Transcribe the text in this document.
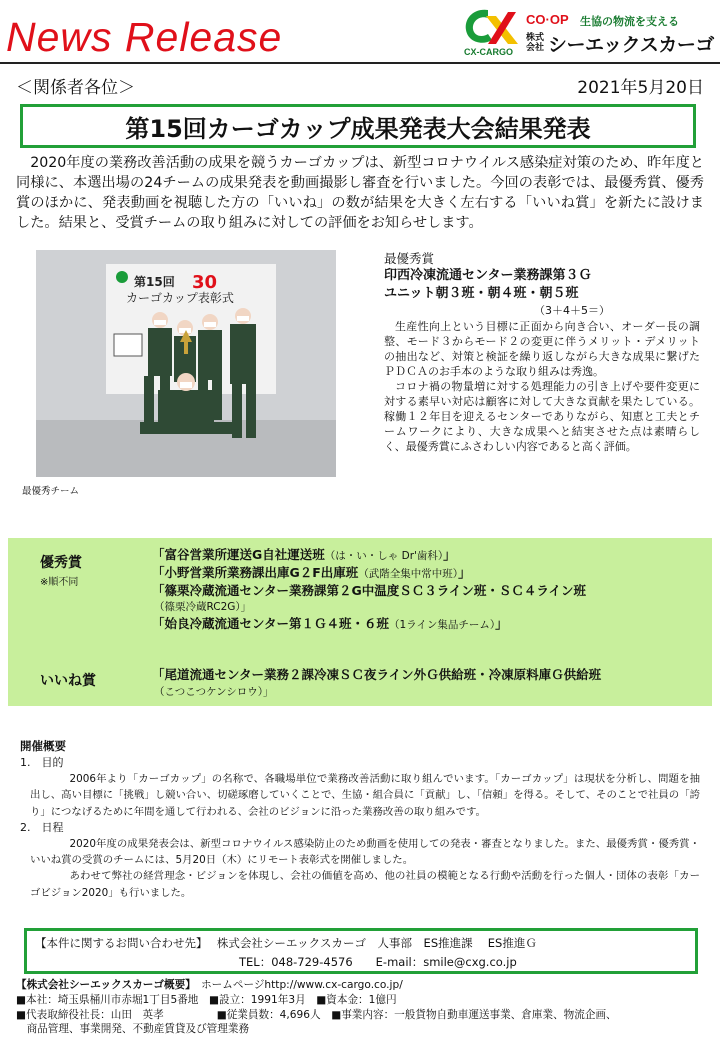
News Release	CX-CARGO
CO·OP 生協の物流を支える
株式会社 シーエックスカーゴ
＜関係者各位＞	2021年5月20日
第15回カーゴカップ成果発表大会結果発表

2020年度の業務改善活動の成果を競うカーゴカップは、新型コロナウイルス感染症対策のため、昨年度と同様に、本選出場の24チームの成果発表を動画撮影し審査を行いました。今回の表彰では、最優秀賞、優秀賞のほかに、発表動画を視聴した方の「いいね」の数が結果を大きく左右する「いいね賞」を新たに設けました。結果と、受賞チームの取り組みに対しての評価をお知らせします。

第15回 30
カーゴカップ表彰式
最優秀チーム
最優秀賞
印西冷凍流通センター業務課第３Ｇ
ユニット朝３班・朝４班・朝５班
（3＋4＋5＝）

生産性向上という目標に正面から向き合い、オーダー長の調整、モード３からモード２の変更に伴うメリット・デメリットの抽出など、対策と検証を繰り返しながら大きな成果に繋げたＰＤＣＡのお手本のような取り組みは秀逸。

コロナ禍の物量増に対する処理能力の引き上げや要件変更に対する素早い対応は顧客に対して大きな貢献を果たしている。稼働１２年目を迎えるセンターでありながら、知恵と工夫とチームワークにより、大きな成果へと結実させた点は素晴らしく、最優秀賞にふさわしい内容であると高く評価。

優秀賞
※順不同
「富谷営業所運送G自社運送班（は・い・しゃ Dr'歯科）」
「小野営業所業務課出庫G２F出庫班（武階全集中常中班）」
「篠栗冷蔵流通センター業務課第２G中温度ＳＣ３ライン班・ＳＣ４ライン班
（篠栗冷蔵RC2G）」
「始良冷蔵流通センター第１Ｇ４班・６班（1ライン集品チーム）」
いいね賞	「尾道流通センター業務２課冷凍ＳＣ夜ライン外Ｇ供給班・冷凍原料庫Ｇ供給班
（こつこつケンシロウ）」
開催概要
1.　目的

2006年より「カーゴカップ」の名称で、各職場単位で業務改善活動に取り組んでいます。「カーゴカップ」は現状を分析し、問題を抽出し、高い目標に「挑戦」し競い合い、切磋琢磨していくことで、生協・組合員に「貢献」し、「信頼」を得る。そして、そのことで社員の「誇り」につなげるために年間を通して行われる、会社のビジョンに沿った業務改善の取り組みです。

2.　日程

2020年度の成果発表会は、新型コロナウイルス感染防止のため動画を使用しての発表・審査となりました。また、最優秀賞・優秀賞・いいね賞の受賞のチームには、5月20日（木）にリモート表彰式を開催しました。

あわせて弊社の経営理念・ビジョンを体現し、会社の価値を高め、他の社員の模範となる行動や活動を行った個人・団体の表彰「カーゴビジョン2020」も行いました。

【本件に関するお問い合わせ先】　 株式会社シーエックスカーゴ　人事部　ES推進課　 ES推進Ｇ
TEL：048-729-4576　　E-mail：smile@cxg.co.jp
【株式会社シーエックスカーゴ概要】　ホームページhttp://www.cx-cargo.co.jp/
■本社：埼玉県桶川市赤堀1丁目5番地　■設立：1991年3月　■資本金：1億円
■代表取締役社長：山田　英孝　　　　　■従業員数：4,696人　■事業内容：一般貨物自動車運送事業、倉庫業、物流企画、
　商品管理、事業開発、不動産賃貸及び管理業務
